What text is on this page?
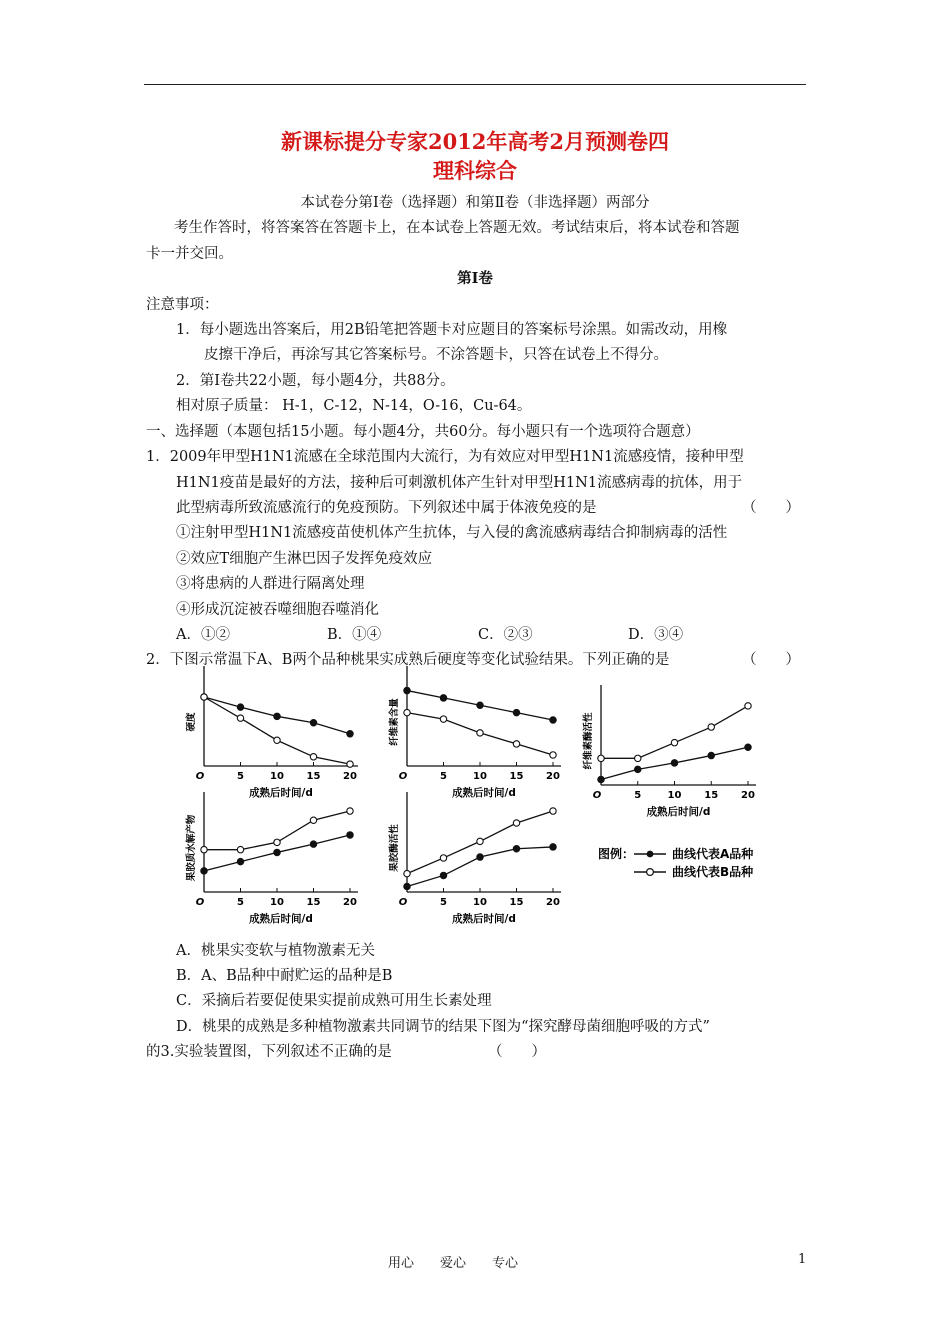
新课标提分专家2012年高考2月预测卷四
理科综合
本试卷分第Ⅰ卷（选择题）和第Ⅱ卷（非选择题）两部分
考生作答时，将答案答在答题卡上，在本试卷上答题无效。考试结束后，将本试卷和答题
卡一并交回。
第Ⅰ卷
注意事项：
1．每小题选出答案后，用2B铅笔把答题卡对应题目的答案标号涂黑。如需改动，用橡
皮擦干净后，再涂写其它答案标号。不涂答题卡，只答在试卷上不得分。
2．第Ⅰ卷共22小题，每小题4分，共88分。
相对原子质量： H-1，C-12，N-14，O-16，Cu-64。
一、选择题（本题包括15小题。每小题4分，共60分。每小题只有一个选项符合题意）
1．2009年甲型H1N1流感在全球范围内大流行，为有效应对甲型H1N1流感疫情，接种甲型
H1N1疫苗是最好的方法，接种后可刺激机体产生针对甲型H1N1流感病毒的抗体，用于
此型病毒所致流感流行的免疫预防。下列叙述中属于体液免疫的是	（　　）
①注射甲型H1N1流感疫苗使机体产生抗体，与入侵的禽流感病毒结合抑制病毒的活性
②效应T细胞产生淋巴因子发挥免疫效应
③将患病的人群进行隔离处理
④形成沉淀被吞噬细胞吞噬消化
A．①②	B．①④	C．②③	D．③④
2．下图示常温下A、B两个品种桃果实成熟后硬度等变化试验结果。下列正确的是	（　　）
O	5	10 15 20
成熟后时间/d
硬度
O	5	10 15 20
成熟后时间/d
纤维素含量
O	5	10 15 20
成熟后时间/d
纤维素酶活性
O	5	10 15 20
成熟后时间/d
果胶质水解产物
O	5	10 15 20
成熟后时间/d
果胶酶活性	图例：	曲线代表A品种
曲线代表B品种
A．桃果实变软与植物激素无关
B．A、B品种中耐贮运的品种是B
C．采摘后若要促使果实提前成熟可用生长素处理
D．桃果的成熟是多种植物激素共同调节的结果下图为“探究酵母菌细胞呼吸的方式”
的3.实验装置图，下列叙述不正确的是	（　　）
用心　　爱心　　专心	1
